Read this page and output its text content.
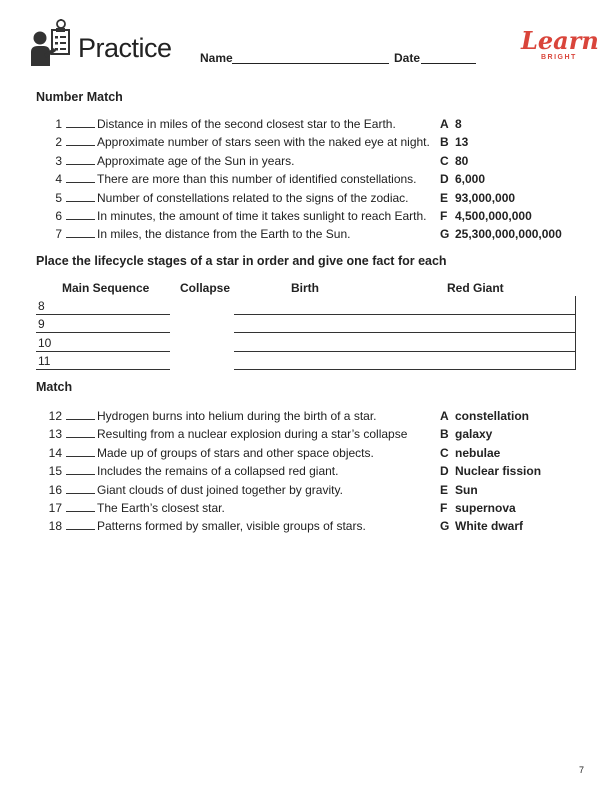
Practice Name	Date
Learn
BRIGHT
Number Match
1	Distance in miles of the second closest star to the Earth.	A 8
2	Approximate number of stars seen with the naked eye at night. B 13
3	Approximate age of the Sun in years.	C 80
4	There are more than this number of identified constellations. D 6,000
5	Number of constellations related to the signs of the zodiac.	E 93,000,000
6	In minutes, the amount of time it takes sunlight to reach Earth. F 4,500,000,000
7	In miles, the distance from the Earth to the Sun.	G 25,300,000,000,000
Place the lifecycle stages of a star in order and give one fact for each
Main Sequence	Collapse	Birth	Red Giant
8
9
10
11
Match
12	Hydrogen burns into helium during the birth of a star.	A constellation
13	Resulting from a nuclear explosion during a star’s collapse	B galaxy
14	Made up of groups of stars and other space objects.	C nebulae
15	Includes the remains of a collapsed red giant.	D Nuclear fission
16	Giant clouds of dust joined together by gravity.	E Sun
17	The Earth’s closest star.	F supernova
18	Patterns formed by smaller, visible groups of stars.	G White dwarf
7
